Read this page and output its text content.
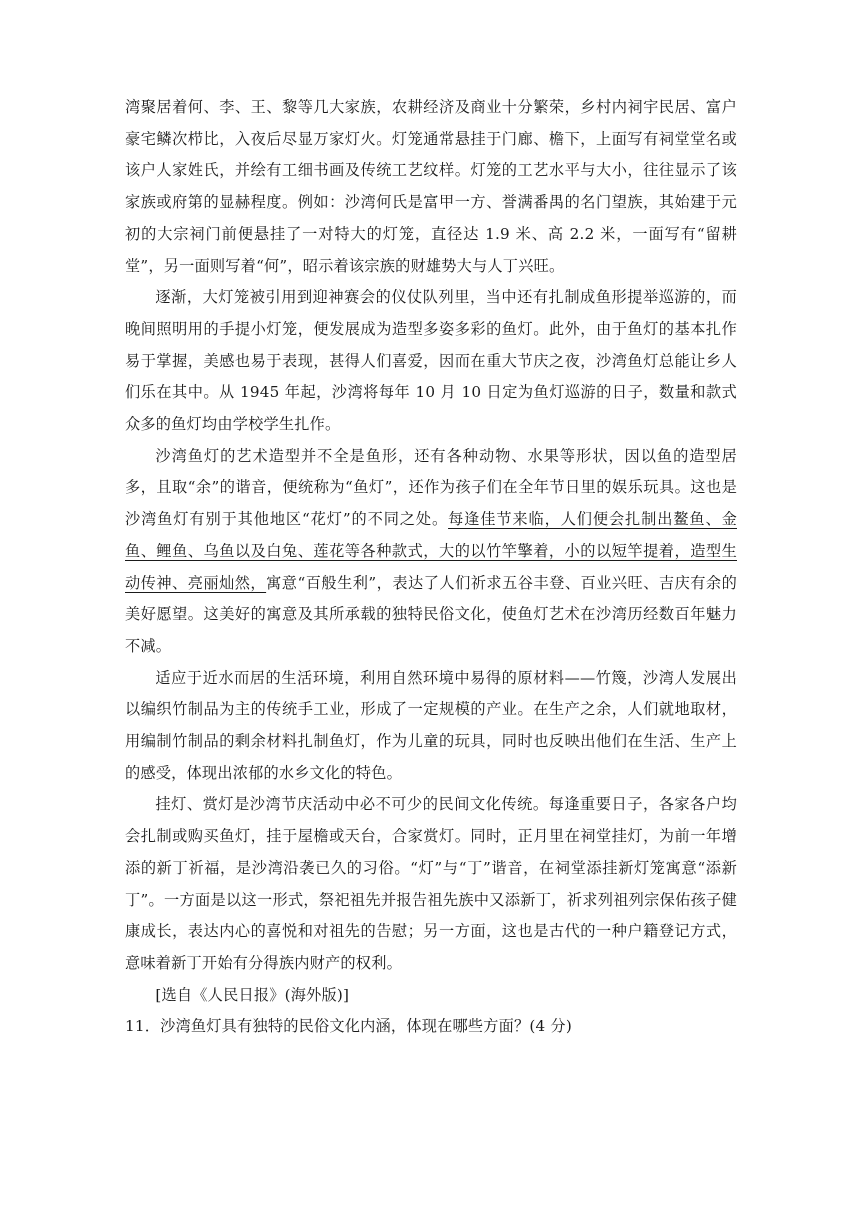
湾聚居着何、李、王、黎等几大家族，农耕经济及商业十分繁荣，乡村内祠宇民居、富户豪宅鳞次栉比，入夜后尽显万家灯火。灯笼通常悬挂于门廊、檐下，上面写有祠堂堂名或该户人家姓氏，并绘有工细书画及传统工艺纹样。灯笼的工艺水平与大小，往往显示了该家族或府第的显赫程度。例如：沙湾何氏是富甲一方、誉满番禺的名门望族，其始建于元初的大宗祠门前便悬挂了一对特大的灯笼，直径达 1.9 米、高 2.2 米，一面写有“留耕堂”，另一面则写着“何”，昭示着该宗族的财雄势大与人丁兴旺。

逐渐，大灯笼被引用到迎神赛会的仪仗队列里，当中还有扎制成鱼形提举巡游的，而晚间照明用的手提小灯笼，便发展成为造型多姿多彩的鱼灯。此外，由于鱼灯的基本扎作易于掌握，美感也易于表现，甚得人们喜爱，因而在重大节庆之夜，沙湾鱼灯总能让乡人们乐在其中。从 1945 年起，沙湾将每年 10 月 10 日定为鱼灯巡游的日子，数量和款式众多的鱼灯均由学校学生扎作。

沙湾鱼灯的艺术造型并不全是鱼形，还有各种动物、水果等形状，因以鱼的造型居多，且取“余”的谐音，便统称为“鱼灯”，还作为孩子们在全年节日里的娱乐玩具。这也是沙湾鱼灯有别于其他地区“花灯”的不同之处。每逢佳节来临，人们便会扎制出鳌鱼、金鱼、鲤鱼、乌鱼以及白兔、莲花等各种款式，大的以竹竿擎着，小的以短竿提着，造型生动传神、亮丽灿然，寓意“百般生利”，表达了人们祈求五谷丰登、百业兴旺、吉庆有余的美好愿望。这美好的寓意及其所承载的独特民俗文化，使鱼灯艺术在沙湾历经数百年魅力不减。

适应于近水而居的生活环境，利用自然环境中易得的原材料——竹篾，沙湾人发展出以编织竹制品为主的传统手工业，形成了一定规模的产业。在生产之余，人们就地取材，用编制竹制品的剩余材料扎制鱼灯，作为儿童的玩具，同时也反映出他们在生活、生产上的感受，体现出浓郁的水乡文化的特色。

挂灯、赏灯是沙湾节庆活动中必不可少的民间文化传统。每逢重要日子，各家各户均会扎制或购买鱼灯，挂于屋檐或天台，合家赏灯。同时，正月里在祠堂挂灯，为前一年增添的新丁祈福，是沙湾沿袭已久的习俗。“灯”与“丁”谐音，在祠堂添挂新灯笼寓意“添新丁”。一方面是以这一形式，祭祀祖先并报告祖先族中又添新丁，祈求列祖列宗保佑孩子健康成长，表达内心的喜悦和对祖先的告慰；另一方面，这也是古代的一种户籍登记方式，意味着新丁开始有分得族内财产的权利。

[选自《人民日报》(海外版)]

11．沙湾鱼灯具有独特的民俗文化内涵，体现在哪些方面？(4 分)
